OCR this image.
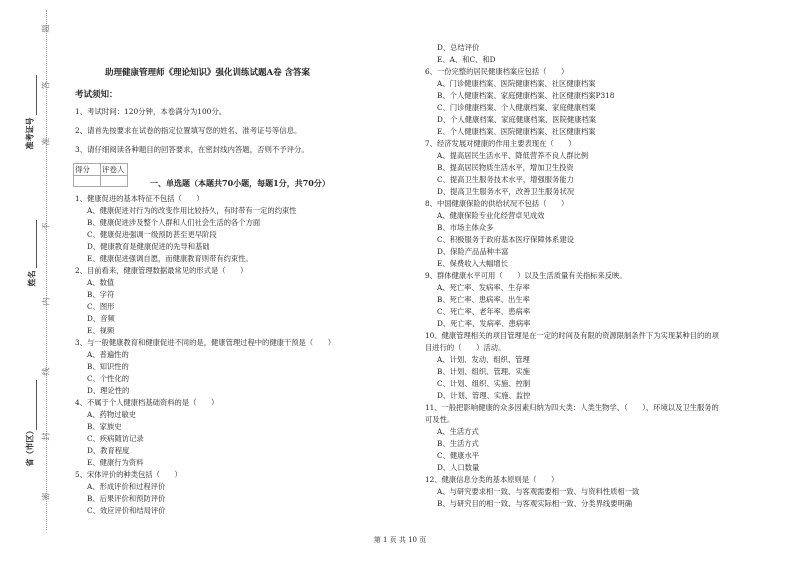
题
答
准
不
内
线
封
密
准考证号
姓名
省（市区）
助理健康管理师《理论知识》强化训练试题A卷 含答案
考试须知：
1、考试时间：120分钟，本卷满分为100分。
2、请首先按要求在试卷的指定位置填写您的姓名、准考证号等信息。
3、请仔细阅读各种题目的回答要求，在密封线内答题，否则不予评分。
得分	评卷人

一、单选题（本题共70小题，每题1分，共70分）
1、健康促进的基本特征不包括（　　）
A、健康促进对行为的改变作用比较持久，有时带有一定的约束性
B、健康促进涉及整个人群和人们社会生活的各个方面
C、健康促进强调一级预防甚至更早阶段
D、健康教育是健康促进的先导和基础
E、健康促进强调自愿，而健康教育则带有约束性。
2、目前看来，健康管理数据最常见的形式是（　　）
A、数值
B、字符
C、图形
D、音频
E、视频
3、与一般健康教育和健康促进不同的是，健康管理过程中的健康干预是（　　）
A、普遍性的
B、知识性的
C、个性化的
D、理论性的
4、不属于个人健康档基础资料的是（　　）
A、药物过敏史
B、家族史
C、疾病随访记录
D、教育程度
E、健康行为资料
5、宋体评价的种类包括（　　）
A、形成评价和过程评价
B、后果评价和预防评价
C、效应评价和结局评价
D、总结评价
E、A、和C、和D
6、一份完整的居民健康档案应包括（　　）
A、门诊健康档案、医院健康档案、社区健康档案
B、个人健康档案、家庭健康档案、社区健康档案P318
C、门诊健康档案、个人健康档案、家庭健康档案
D、个人健康档案、家庭健康档案、医院健康档案
E、个人健康档案、医院健康档案、社区健康档案
7、经济发展对健康的作用主要表现在（　　）
A、提高居民生活水平、降低营养不良人群比例
B、提高居民物质生活水平，增加卫生投资
C、提高卫生服务技术水平，增强服务能力
D、提高卫生服务水平，改善卫生服务状况
8、中国健康保险的供给状况不包括（　　）
A、健康保险专业化经营卓见成效
B、市场主体众多
C、积极服务于政府基本医疗保障体系建设
D、保险产品品种丰富
E、保费收入大幅增长
9、群体健康水平可用（　　）以及生活质量有关指标来反映。
A、死亡率、发病率、生存率
B、死亡率、患病率、出生率
C、死亡率、老年率、患病率
D、死亡率、发病率、患病率
10、健康管理相关的项目管理是在一定的时间及有限的资源限制条件下为实现某种目的的项
目进行的（　　）活动。
A、计划、发动、组织、管理
B、计划、组织、管理、实施
C、计划、组织、实施、控制
D、计划、管理、实施、监控
11、一般把影响健康的众多因素归纳为四大类：人类生物学、（　　）、环境以及卫生服务的
可及性。
A、生活方式
B、生活方式
C、健康水平
D、人口数量
12、健康信息分类的基本原则是（　　）
A、与研究要求相一致、与客观需要相一致、与资料性质相一致
B、与研究目的相一致、与客观实际相一致、分类界线要明确
第 1 页 共 10 页
